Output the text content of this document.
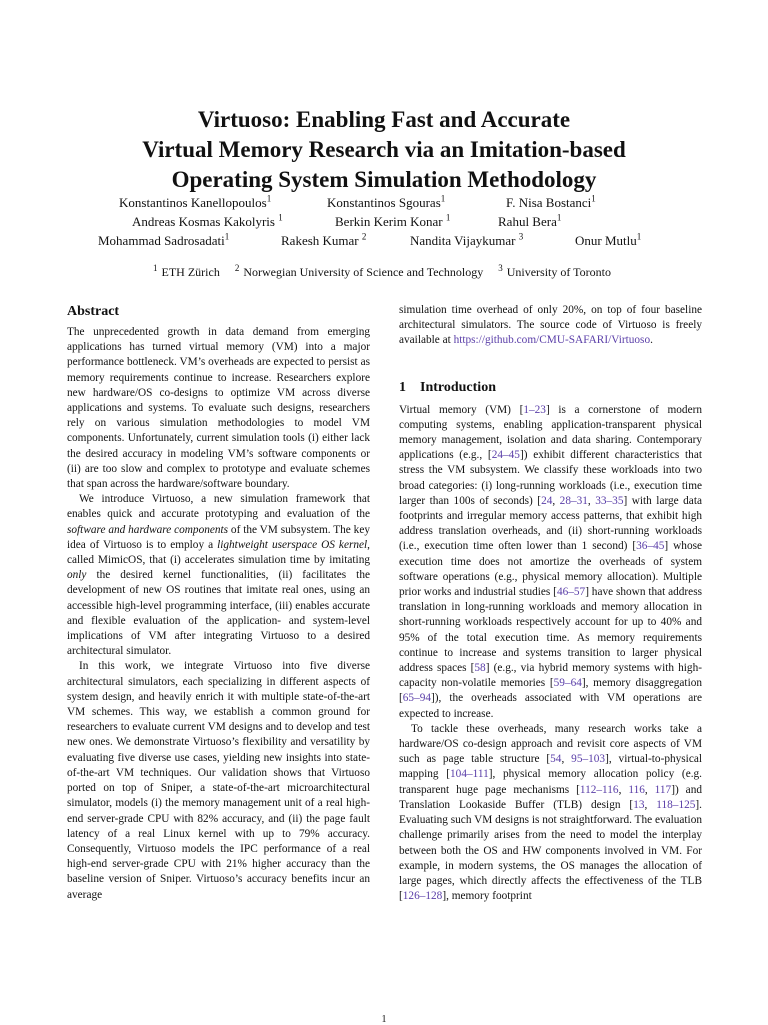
Virtuoso: Enabling Fast and Accurate
Virtual Memory Research via an Imitation-based
Operating System Simulation Methodology
Konstantinos Kanellopoulos$^1$	Konstantinos Sgouras$^1$	F. Nisa Bostanci$^1$
Andreas Kosmas Kakolyris $^1$	Berkin Kerim Konar $^1$	Rahul Bera$^1$
Mohammad Sadrosadati$^1$	Rakesh Kumar $^2$	Nandita Vijaykumar $^3$	Onur Mutlu$^1$
$^1$ ETH Zürich $^2$ Norwegian University of Science and Technology $^3$ University of Toronto
Abstract

The unprecedented growth in data demand from emerging applications has turned virtual memory (VM) into a major performance bottleneck. VM’s overheads are expected to persist as memory requirements continue to increase. Researchers explore new hardware/OS co-designs to optimize VM across diverse applications and systems. To evaluate such designs, researchers rely on various simulation methodologies to model VM components. Unfortunately, current simulation tools (i) either lack the desired accuracy in modeling VM’s software components or (ii) are too slow and complex to prototype and evaluate schemes that span across the hardware/software boundary.

We introduce Virtuoso, a new simulation framework that enables quick and accurate prototyping and evaluation of the software and hardware components of the VM subsystem. The key idea of Virtuoso is to employ a lightweight userspace OS kernel, called MimicOS, that (i) accelerates simulation time by imitating only the desired kernel functionalities, (ii) facilitates the development of new OS routines that imitate real ones, using an accessible high-level programming interface, (iii) enables accurate and flexible evaluation of the application- and system-level implications of VM after integrating Virtuoso to a desired architectural simulator.

In this work, we integrate Virtuoso into five diverse architectural simulators, each specializing in different aspects of system design, and heavily enrich it with multiple state-of-the-art VM schemes. This way, we establish a common ground for researchers to evaluate current VM designs and to develop and test new ones. We demonstrate Virtuoso’s flexibility and versatility by evaluating five diverse use cases, yielding new insights into state-of-the-art VM techniques. Our validation shows that Virtuoso ported on top of Sniper, a state-of-the-art microarchitectural simulator, models (i) the memory management unit of a real high-end server-grade CPU with 82% accuracy, and (ii) the page fault latency of a real Linux kernel with up to 79% accuracy. Consequently, Virtuoso models the IPC performance of a real high-end server-grade CPU with 21% higher accuracy than the baseline version of Sniper. Virtuoso’s accuracy benefits incur an average

simulation time overhead of only 20%, on top of four baseline architectural simulators. The source code of Virtuoso is freely available at https://github.com/CMU-SAFARI/Virtuoso.

1 Introduction

Virtual memory (VM) [1–23] is a cornerstone of modern computing systems, enabling application-transparent physical memory management, isolation and data sharing. Contemporary applications (e.g., [24–45]) exhibit different characteristics that stress the VM subsystem. We classify these workloads into two broad categories: (i) long-running workloads (i.e., execution time larger than 100s of seconds) [24, 28–31, 33–35] with large data footprints and irregular memory access patterns, that exhibit high address translation overheads, and (ii) short-running workloads (i.e., execution time often lower than 1 second) [36–45] whose execution time does not amortize the overheads of system software operations (e.g., physical memory allocation). Multiple prior works and industrial studies [46–57] have shown that address translation in long-running workloads and memory allocation in short-running workloads respectively account for up to 40% and 95% of the total execution time. As memory requirements continue to increase and systems transition to larger physical address spaces [58] (e.g., via hybrid memory systems with high-capacity non-volatile memories [59–64], memory disaggregation [65–94]), the overheads associated with VM operations are expected to increase.

To tackle these overheads, many research works take a hardware/OS co-design approach and revisit core aspects of VM such as page table structure [54, 95–103], virtual-to-physical mapping [104–111], physical memory allocation policy (e.g. transparent huge page mechanisms [112–116, 116, 117]) and Translation Lookaside Buffer (TLB) design [13, 118–125]. Evaluating such VM designs is not straightforward. The evaluation challenge primarily arises from the need to model the interplay between both the OS and HW components involved in VM. For example, in modern systems, the OS manages the allocation of large pages, which directly affects the effectiveness of the TLB [126–128], memory footprint

1
